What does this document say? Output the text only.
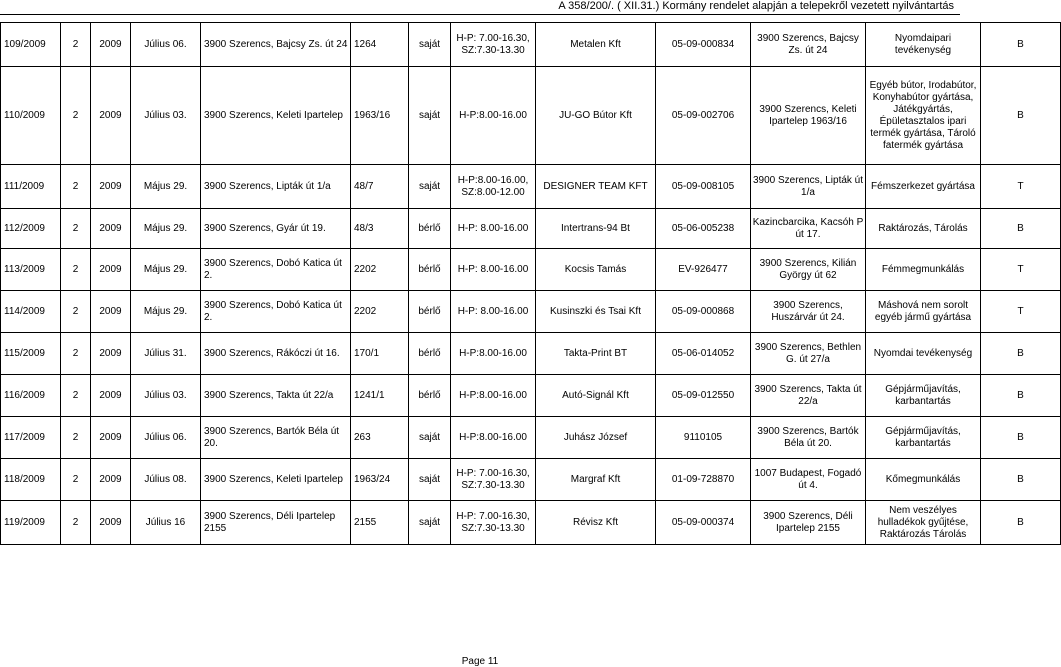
A 358/200/. ( XII.31.) Kormány rendelet alapján a telepekről vezetett nyilvántartás
109/2009	2	2009	Július 06.	3900 Szerencs, Bajcsy Zs. út 24	1264	saját	H-P: 7.00-16.30, SZ:7.30-13.30	Metalen Kft	05-09-000834	3900 Szerencs, Bajcsy Zs. út 24	Nyomdaipari tevékenység	B
110/2009	2	2009	Július 03.	3900 Szerencs, Keleti Ipartelep	1963/16	saját	H-P:8.00-16.00	JU-GO Bútor Kft	05-09-002706	3900 Szerencs, Keleti Ipartelep 1963/16	Egyéb bútor, Irodabútor, Konyhabútor gyártása, Játékgyártás, Épületasztalos ipari termék gyártása, Tároló fatermék gyártása	B
111/2009	2	2009	Május 29.	3900 Szerencs, Lipták út 1/a	48/7	saját	H-P:8.00-16.00, SZ:8.00-12.00	DESIGNER TEAM KFT	05-09-008105	3900 Szerencs, Lipták út 1/a	Fémszerkezet gyártása	T
112/2009	2	2009	Május 29.	3900 Szerencs, Gyár út 19.	48/3	bérlő	H-P: 8.00-16.00	Intertrans-94 Bt	05-06-005238	Kazincbarcika, Kacsóh P út 17.	Raktározás, Tárolás	B
113/2009	2	2009	Május 29.	3900 Szerencs, Dobó Katica út 2.	2202	bérlő	H-P: 8.00-16.00	Kocsis Tamás	EV-926477	3900 Szerencs, Kilián György út 62	Fémmegmunkálás	T
114/2009	2	2009	Május 29.	3900 Szerencs, Dobó Katica út 2.	2202	bérlő	H-P: 8.00-16.00	Kusinszki és Tsai Kft	05-09-000868	3900 Szerencs, Huszárvár út 24.	Máshová nem sorolt egyéb jármű gyártása	T
115/2009	2	2009	Július 31.	3900 Szerencs, Rákóczi út 16.	170/1	bérlő	H-P:8.00-16.00	Takta-Print BT	05-06-014052	3900 Szerencs, Bethlen G. út 27/a	Nyomdai tevékenység	B
116/2009	2	2009	Július 03.	3900 Szerencs, Takta út 22/a	1241/1	bérlő	H-P:8.00-16.00	Autó-Signál Kft	05-09-012550	3900 Szerencs, Takta út 22/a	Gépjárműjavítás, karbantartás	B
117/2009	2	2009	Július 06.	3900 Szerencs, Bartók Béla út 20.	263	saját	H-P:8.00-16.00	Juhász József	9110105	3900 Szerencs, Bartók Béla út 20.	Gépjárműjavítás, karbantartás	B
118/2009	2	2009	Július 08.	3900 Szerencs, Keleti Ipartelep	1963/24	saját	H-P: 7.00-16.30, SZ:7.30-13.30	Margraf Kft	01-09-728870	1007 Budapest, Fogadó út 4.	Kőmegmunkálás	B
119/2009	2	2009	Július 16	3900 Szerencs, Déli Ipartelep 2155	2155	saját	H-P: 7.00-16.30, SZ:7.30-13.30	Révisz Kft	05-09-000374	3900 Szerencs, Déli Ipartelep 2155	Nem veszélyes hulladékok gyűjtése, Raktározás Tárolás	B
Page 11
